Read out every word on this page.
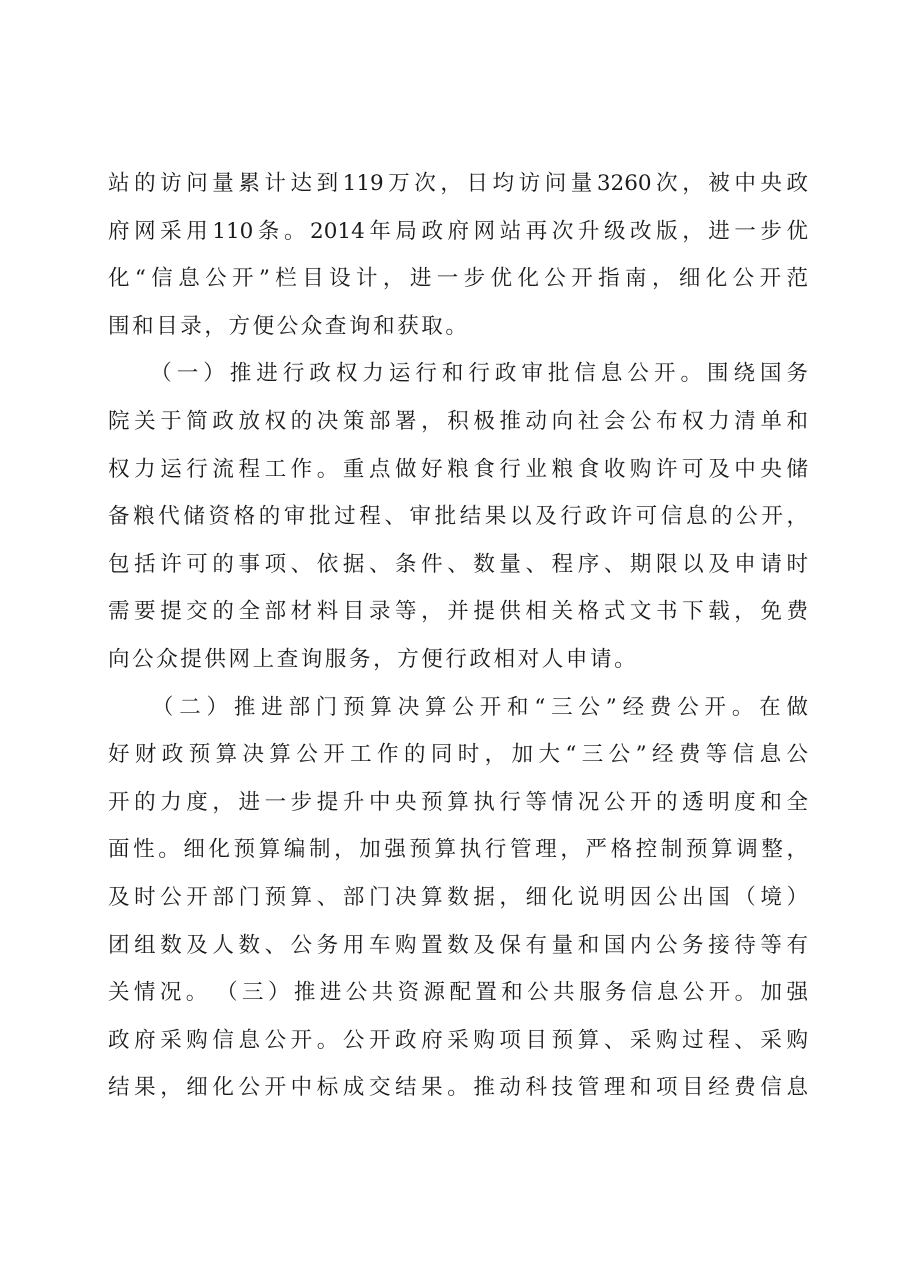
站的访问量累计达到119万次，日均访问量3260次，被中央政
府网采用110条。2014年局政府网站再次升级改版，进一步优
化“信息公开”栏目设计，进一步优化公开指南，细化公开范
围和目录，方便公众查询和获取。
　　（一）推进行政权力运行和行政审批信息公开。围绕国务
院关于简政放权的决策部署，积极推动向社会公布权力清单和
权力运行流程工作。重点做好粮食行业粮食收购许可及中央储
备粮代储资格的审批过程、审批结果以及行政许可信息的公开，
包括许可的事项、依据、条件、数量、程序、期限以及申请时
需要提交的全部材料目录等，并提供相关格式文书下载，免费
向公众提供网上查询服务，方便行政相对人申请。
　　（二）推进部门预算决算公开和“三公”经费公开。在做
好财政预算决算公开工作的同时，加大“三公”经费等信息公
开的力度，进一步提升中央预算执行等情况公开的透明度和全
面性。细化预算编制，加强预算执行管理，严格控制预算调整，
及时公开部门预算、部门决算数据，细化说明因公出国（境）
团组数及人数、公务用车购置数及保有量和国内公务接待等有
关情况。　（三）推进公共资源配置和公共服务信息公开。加强
政府采购信息公开。公开政府采购项目预算、采购过程、采购
结果，细化公开中标成交结果。推动科技管理和项目经费信息
